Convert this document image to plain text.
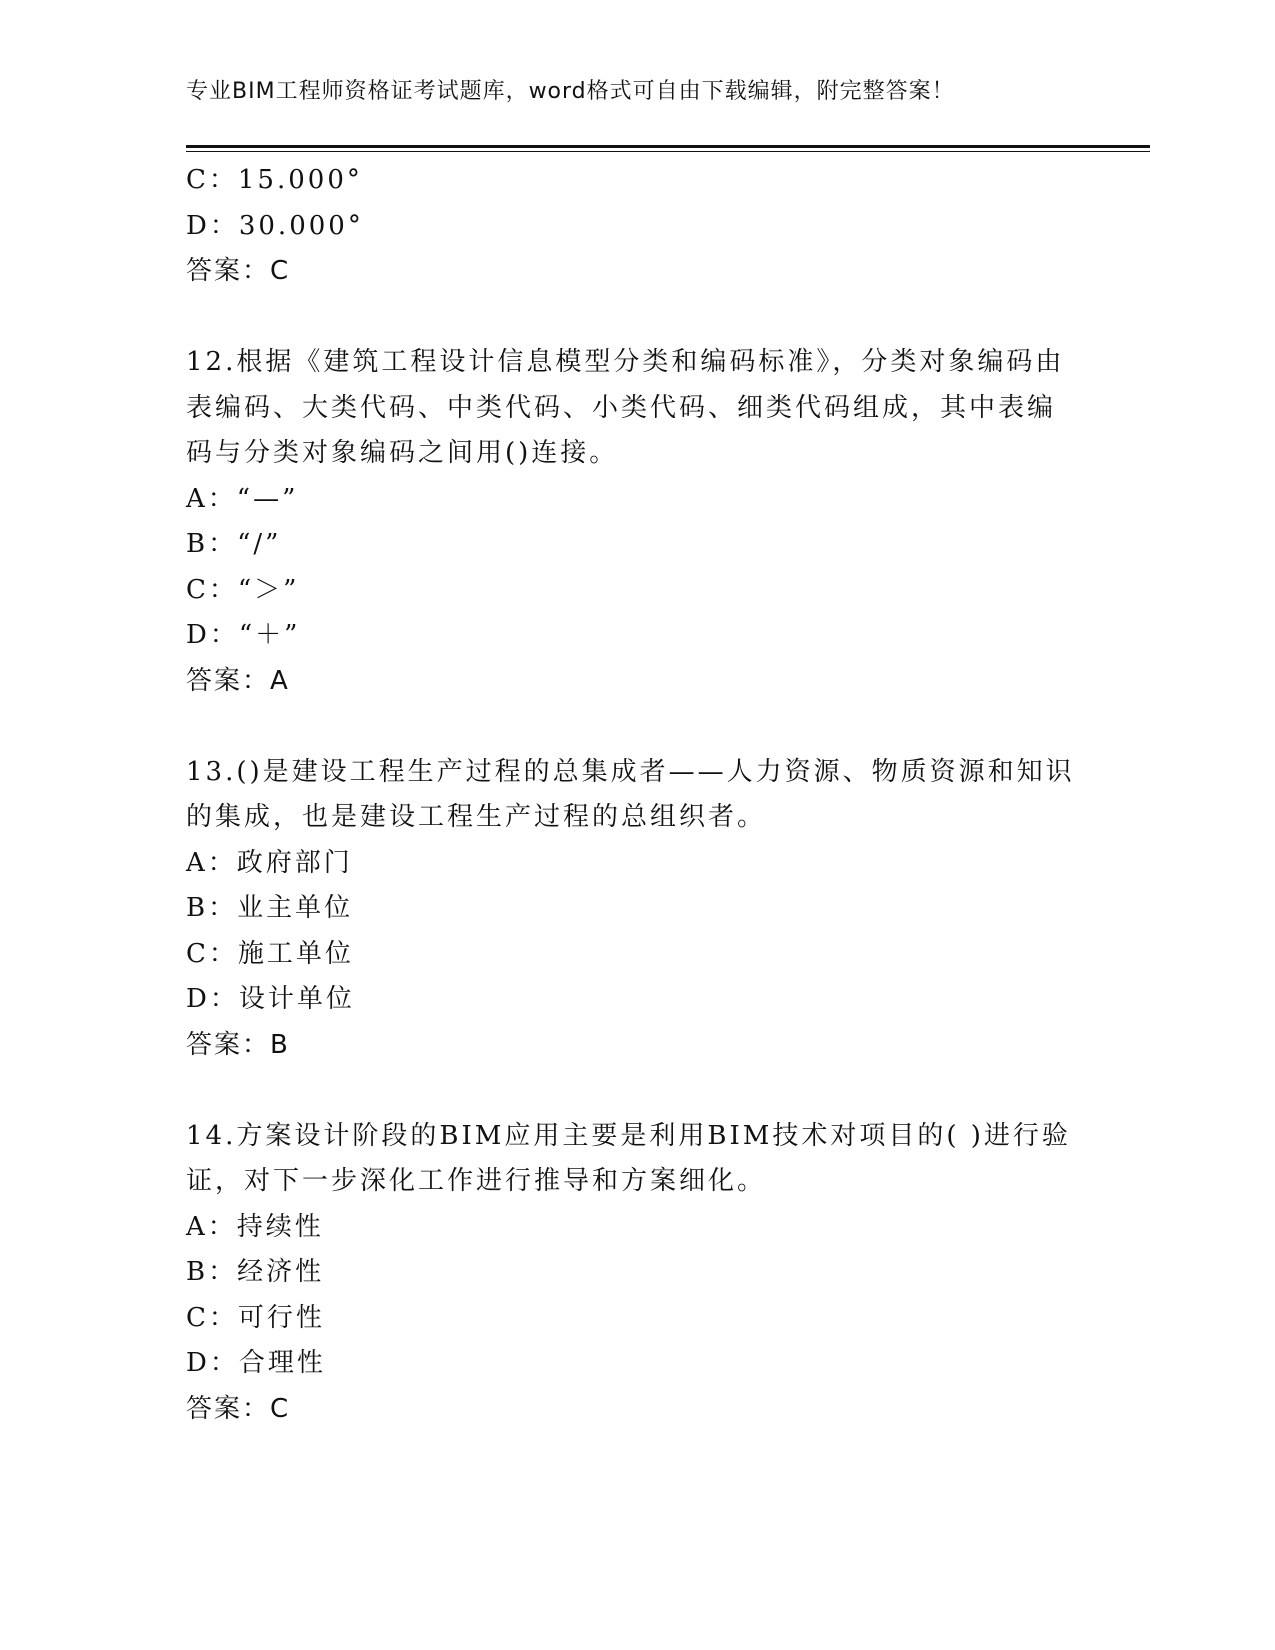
专业BIM工程师资格证考试题库，word格式可自由下载编辑，附完整答案！
C：15.000°
D：30.000°
答案：C
12.根据《建筑工程设计信息模型分类和编码标准》，分类对象编码由
表编码、大类代码、中类代码、小类代码、细类代码组成，其中表编
码与分类对象编码之间用()连接。
A：“—”
B：“/”
C：“＞”
D：“＋”
答案：A
13.()是建设工程生产过程的总集成者——人力资源、物质资源和知识
的集成，也是建设工程生产过程的总组织者。
A：政府部门
B：业主单位
C：施工单位
D：设计单位
答案：B
14.方案设计阶段的BIM应用主要是利用BIM技术对项目的( )进行验
证，对下一步深化工作进行推导和方案细化。
A：持续性
B：经济性
C：可行性
D：合理性
答案：C
